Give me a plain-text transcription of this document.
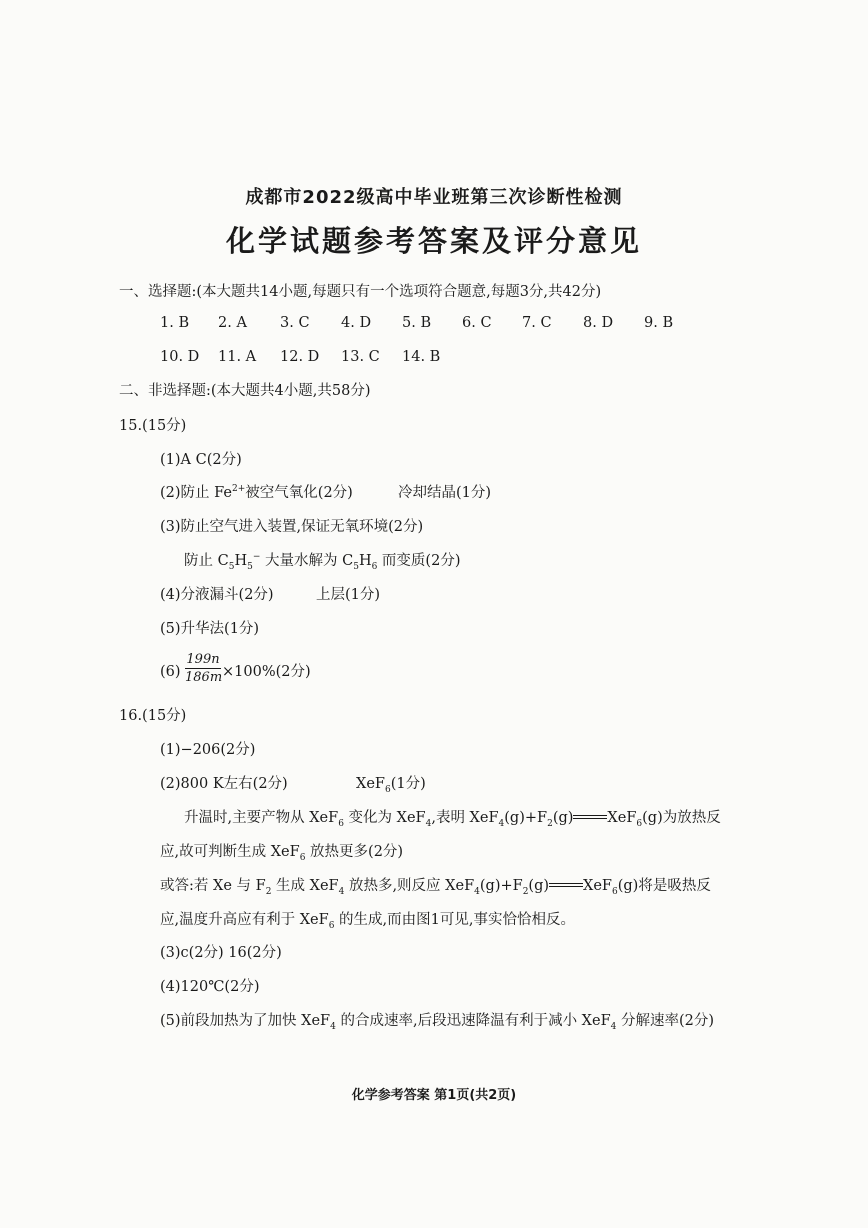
成都市2022级高中毕业班第三次诊断性检测
化学试题参考答案及评分意见
一、选择题:(本大题共14小题,每题只有一个选项符合题意,每题3分,共42分)
1. B 2. A 3. C 4. D 5. B 6. C 7. C 8. D 9. B
10. D 11. A 12. D 13. C 14. B
二、非选择题:(本大题共4小题,共58分)
15.(15分)
(1)A C(2分)
(2)防止 $Fe^{2+}$被空气氧化(2分)	冷却结晶(1分)
(3)防止空气进入装置,保证无氧环境(2分)
防止 $C_5H_5^-$ 大量水解为 $C_5H_6$ 而变质(2分)
(4)分液漏斗(2分)	上层(1分)
(5)升华法(1分)
$(6) \frac{199n}{186m} \times 100\%(2$分)
16.(15分)
(1)−206(2分)
(2)800 K左右(2分)	XeF$_6$(1分)
升温时,主要产物从 XeF$_6$ 变化为 XeF$_4$,表明 $XeF_4(g)+F_2(g)$ XeF$_6$(g)为放热反
应,故可判断生成 XeF$_6$ 放热更多(2分)
或答:若 Xe 与 $F_2$ 生成 XeF$_4$ 放热多,则反应 $XeF_4(g)+F_2(g)$ XeF$_6$(g)将是吸热反
应,温度升高应有利于 XeF$_6$ 的生成,而由图1可见,事实恰恰相反。
(3)c(2分) 16(2分)
(4)120℃(2分)
(5)前段加热为了加快 XeF$_4$ 的合成速率,后段迅速降温有利于减小 XeF$_4$ 分解速率(2分)
化学参考答案 第1页(共2页)
